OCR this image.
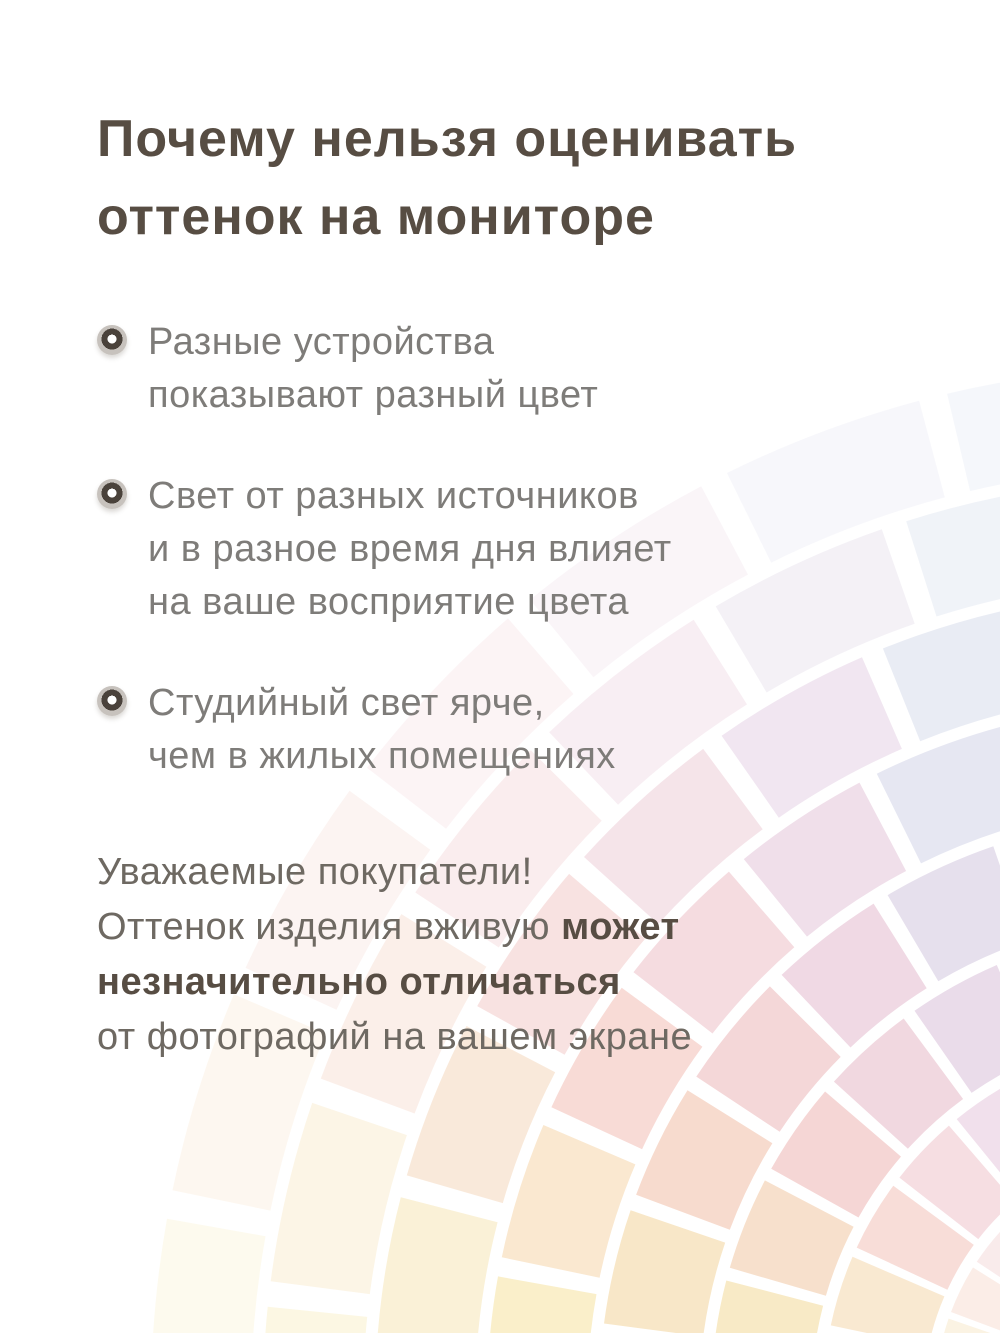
Почему нельзя оценивать
оттенок на мониторе
Разные устройства
показывают разный цвет
Свет от разных источников
и в разное время дня влияет
на ваше восприятие цвета
Студийный свет ярче,
чем в жилых помещениях

Уважаемые покупатели!
Оттенок изделия вживую может
незначительно отличаться
от фотографий на вашем экране
